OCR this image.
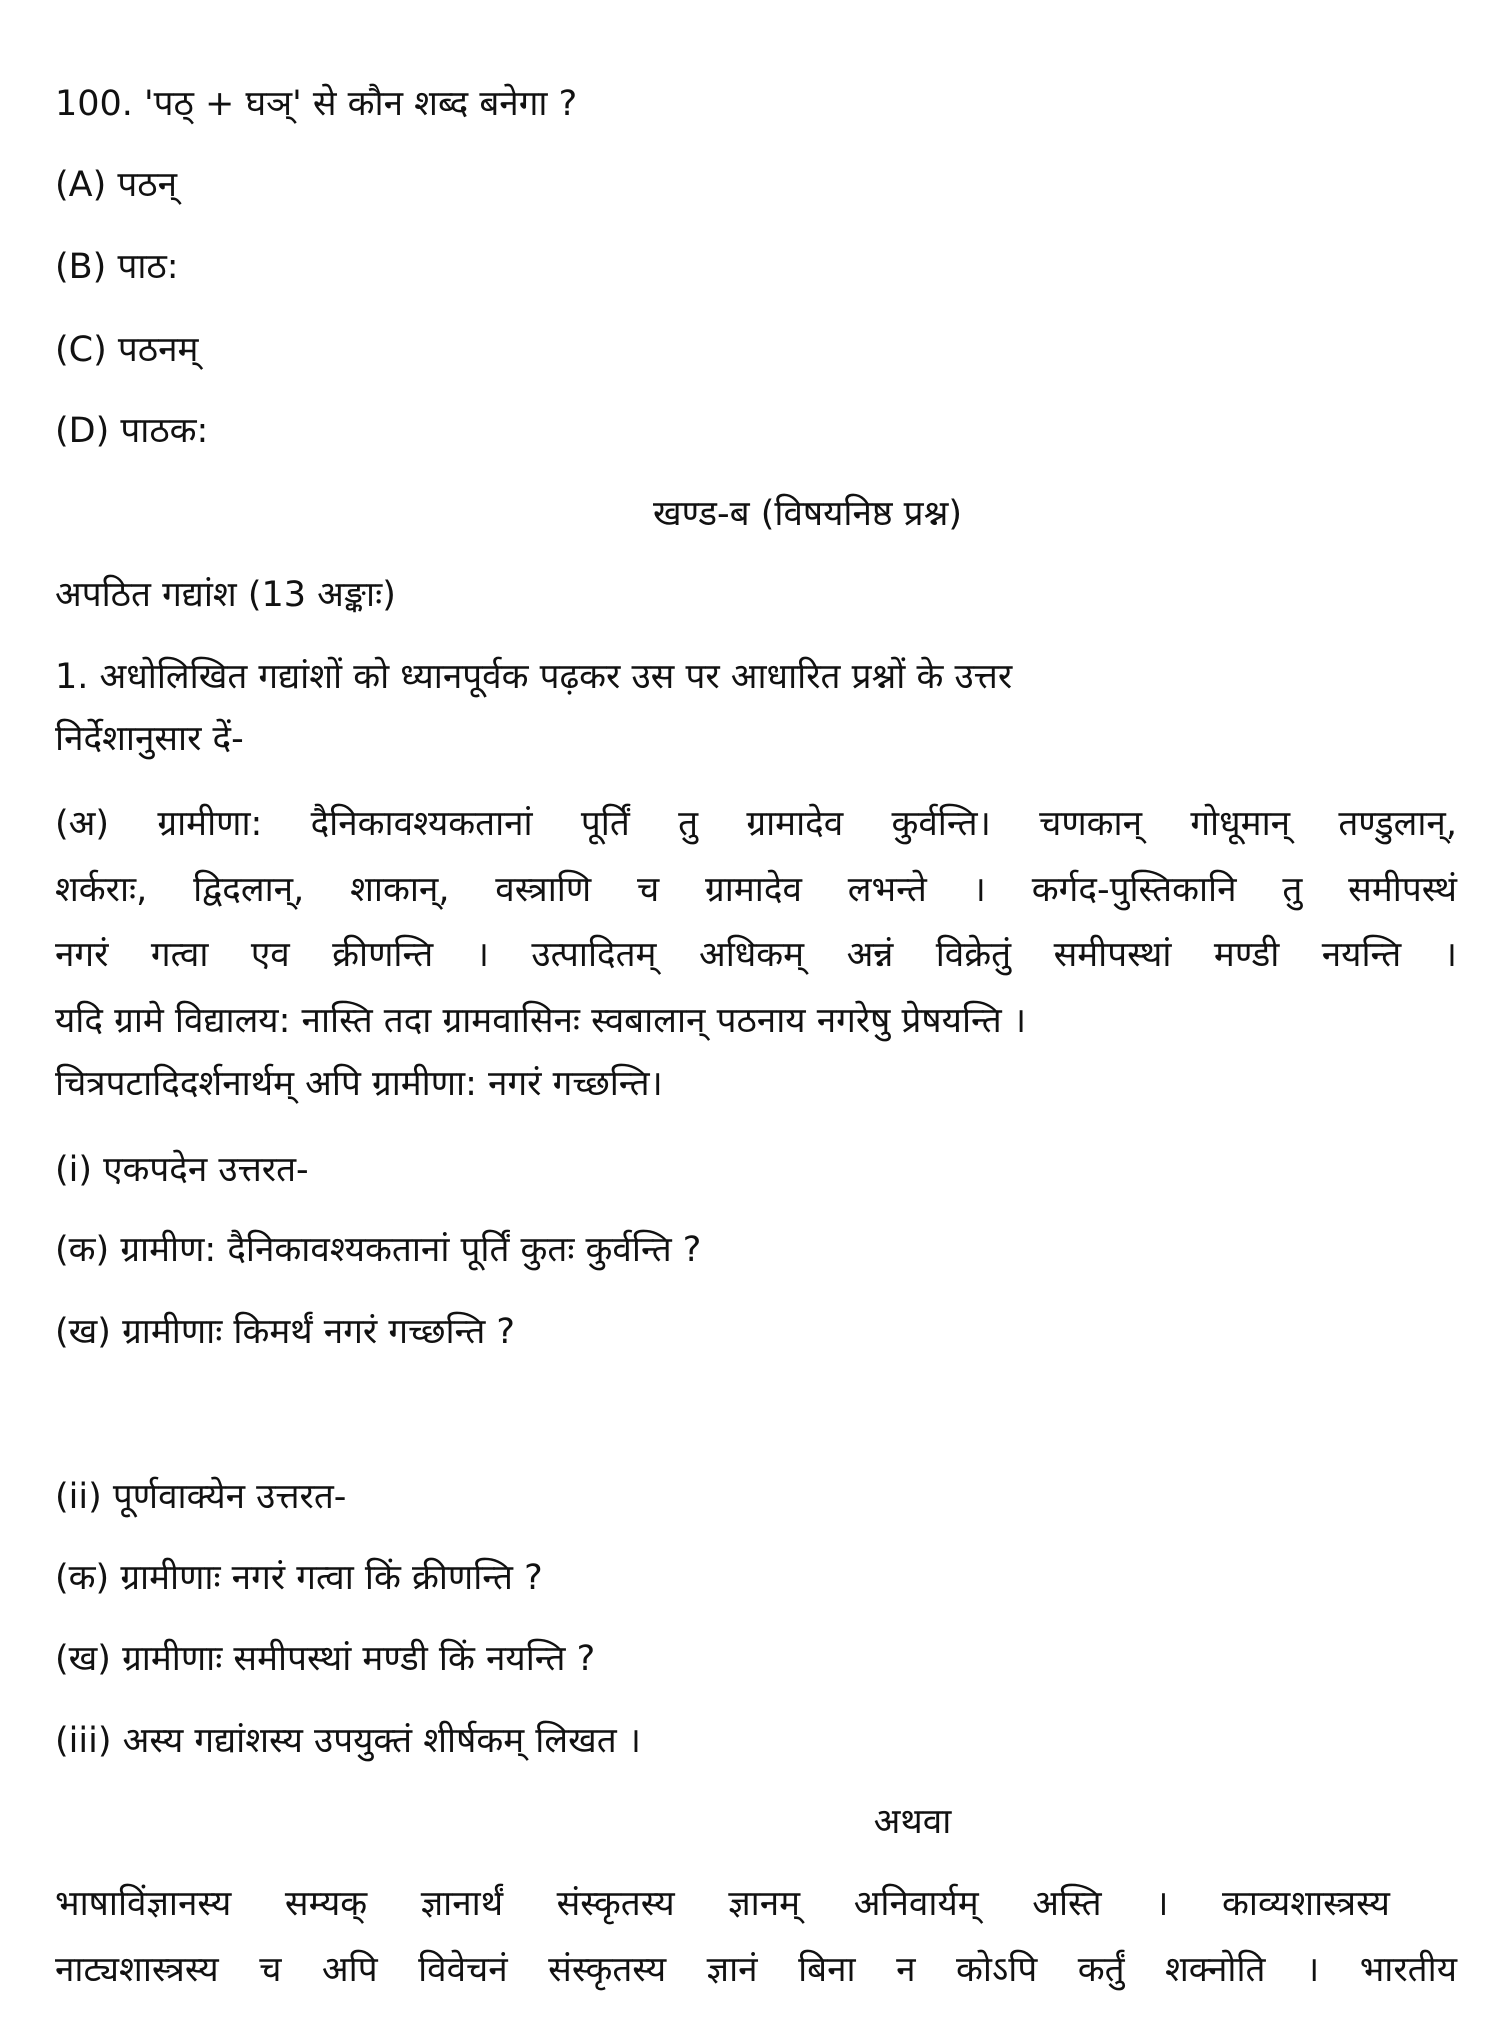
100. 'पठ् + घञ्' से कौन शब्द बनेगा ?
(A) पठन्
(B) पाठ:
(C) पठनम्
(D) पाठक:
खण्ड-ब (विषयनिष्ठ प्रश्न)
अपठित गद्यांश (13 अङ्काः)
1. अधोलिखित गद्यांशों को ध्यानपूर्वक पढ़कर उस पर आधारित प्रश्नों के उत्तर
निर्देशानुसार दें-
(अ) ग्रामीणा: दैनिकावश्यकतानां पूर्तिं तु ग्रामादेव कुर्वन्ति। चणकान् गोधूमान् तण्डुलान्,
शर्कराः, द्विदलान्, शाकान्, वस्त्राणि च ग्रामादेव लभन्ते । कर्गद-पुस्तिकानि तु समीपस्थं
नगरं गत्वा एव क्रीणन्ति । उत्पादितम् अधिकम् अन्नं विक्रेतुं समीपस्थां मण्डी नयन्ति ।
यदि ग्रामे विद्यालय: नास्ति तदा ग्रामवासिनः स्वबालान् पठनाय नगरेषु प्रेषयन्ति ।
चित्रपटादिदर्शनार्थम् अपि ग्रामीणा: नगरं गच्छन्ति।
(i) एकपदेन उत्तरत-
(क) ग्रामीण: दैनिकावश्यकतानां पूर्तिं कुतः कुर्वन्ति ?
(ख) ग्रामीणाः किमर्थं नगरं गच्छन्ति ?
(ii) पूर्णवाक्येन उत्तरत-
(क) ग्रामीणाः नगरं गत्वा किं क्रीणन्ति ?
(ख) ग्रामीणाः समीपस्थां मण्डी किं नयन्ति ?
(iii) अस्य गद्यांशस्य उपयुक्तं शीर्षकम् लिखत ।
अथवा
भाषाविंज्ञानस्य सम्यक् ज्ञानार्थं संस्कृतस्य ज्ञानम् अनिवार्यम् अस्ति । काव्यशास्त्रस्य
नाट्यशास्त्रस्य च अपि विवेचनं संस्कृतस्य ज्ञानं बिना न कोऽपि कर्तुं शक्नोति । भारतीय
